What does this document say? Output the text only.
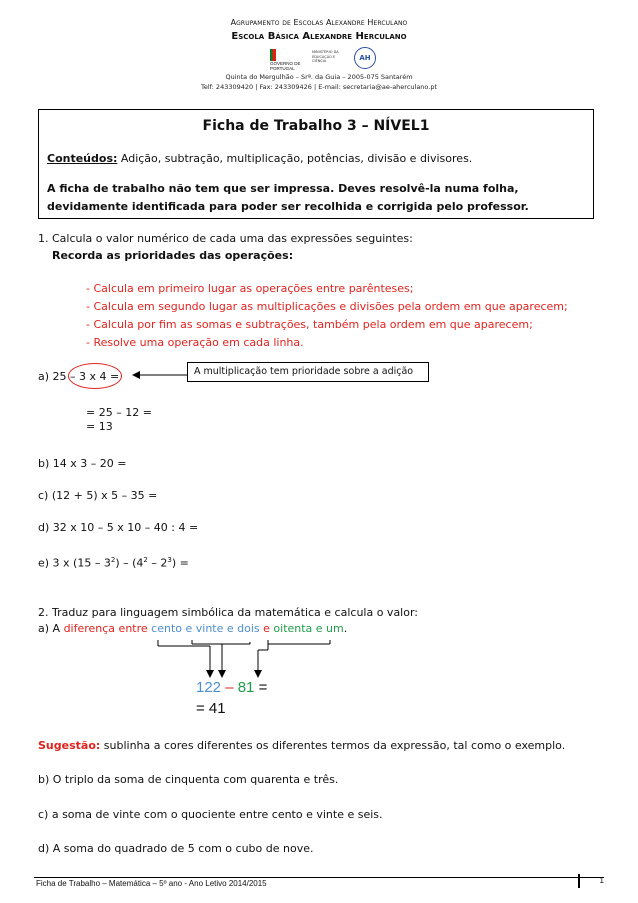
Agrupamento de Escolas Alexandre Herculano
Escola Básica Alexandre Herculano
GOVERNO DE PORTUGAL
MINISTÉRIO DA EDUCAÇÃO E CIÊNCIA	AH
Quinta do Mergulhão – Srª. da Guia – 2005-075 Santarém
Telf: 243309420 | Fax: 243309426 | E-mail: secretaria@ae-aherculano.pt
Ficha de Trabalho 3 – NÍVEL1
Conteúdos: Adição, subtração, multiplicação, potências, divisão e divisores.
A ficha de trabalho não tem que ser impressa. Deves resolvê-la numa folha, devidamente identificada para poder ser recolhida e corrigida pelo professor.
1. Calcula o valor numérico de cada uma das expressões seguintes:
Recorda as prioridades das operações:
- Calcula em primeiro lugar as operações entre parênteses;
- Calcula em segundo lugar as multiplicações e divisões pela ordem em que aparecem;
- Calcula por fim as somas e subtrações, também pela ordem em que aparecem;
- Resolve uma operação em cada linha.
a) 25 – 3 x 4 =	A multiplicação tem prioridade sobre a adição
= 25 – 12 =
= 13
b) 14 x 3 – 20 =
c) (12 + 5) x 5 – 35 =
d) 32 x 10 – 5 x 10 – 40 : 4 =
e) 3 x $(15 - 3^2) - (4^2 - 2^3)$ =
2. Traduz para linguagem simbólica da matemática e calcula o valor:
a) A diferença entre cento e vinte e dois e oitenta e um.
122 – 81 =
= 41
Sugestão: sublinha a cores diferentes os diferentes termos da expressão, tal como o exemplo.
b) O triplo da soma de cinquenta com quarenta e três.
c) a soma de vinte com o quociente entre cento e vinte e seis.
d) A soma do quadrado de 5 com o cubo de nove.
Ficha de Trabalho – Matemática – 5º ano - Ano Letivo 2014/2015	1
